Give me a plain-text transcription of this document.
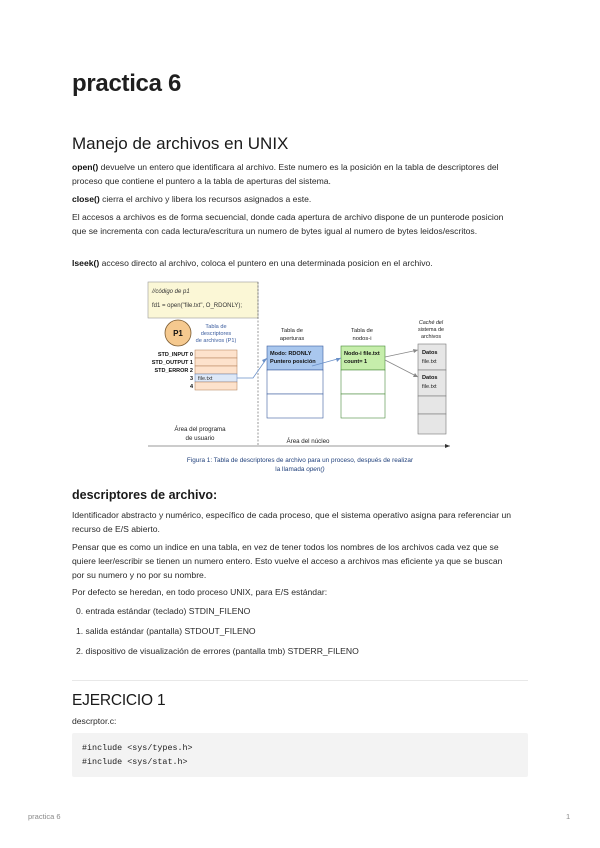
practica 6
Manejo de archivos en UNIX

open() devuelve un entero que identificara al archivo. Este numero es la posición en la tabla de descriptores del proceso que contiene el puntero a la tabla de aperturas del sistema.

close() cierra el archivo y libera los recursos asignados a este.

El accesos a archivos es de forma secuencial, donde cada apertura de archivo dispone de un punterode posicion que se incrementa con cada lectura/escritura un numero de bytes igual al numero de bytes leidos/escritos.

lseek() acceso directo al archivo, coloca el puntero en una determinada posicion en el archivo.

//código de p1
fd1 = open("file.txt", O_RDONLY);
P1
Tabla de
descriptores
de archivos (P1)
file.txt
STD_INPUT 0
STD_OUTPUT 1
STD_ERROR 2
3
4
Tabla de
aperturas
Modo: RDONLY
Puntero posición
Tabla de
nodos-i
Nodo-i file.txt
count= 1
Caché del
sistema de
archivos
Datos
file.txt
Datos
file.txt
Área del programa
de usuario	Área del núcleo
Figura 1: Tabla de descriptores de archivo para un proceso, después de realizar
la llamada open()
descriptores de archivo:

Identificador abstracto y numérico, específico de cada proceso, que el sistema operativo asigna para referenciar un recurso de E/S abierto.

Pensar que es como un indice en una tabla, en vez de tener todos los nombres de los archivos cada vez que se quiere leer/escribir se tienen un numero entero. Esto vuelve el acceso a archivos mas eficiente ya que se buscan por su numero y no por su nombre.

Por defecto se heredan, en todo proceso UNIX, para E/S estándar:

0. entrada estándar (teclado) STDIN_FILENO
1. salida estándar (pantalla) STDOUT_FILENO
2. dispositivo de visualización de errores (pantalla tmb) STDERR_FILENO
EJERCICIO 1

descrptor.c:

#include <sys/types.h>
#include <sys/stat.h>
practica 6	1
